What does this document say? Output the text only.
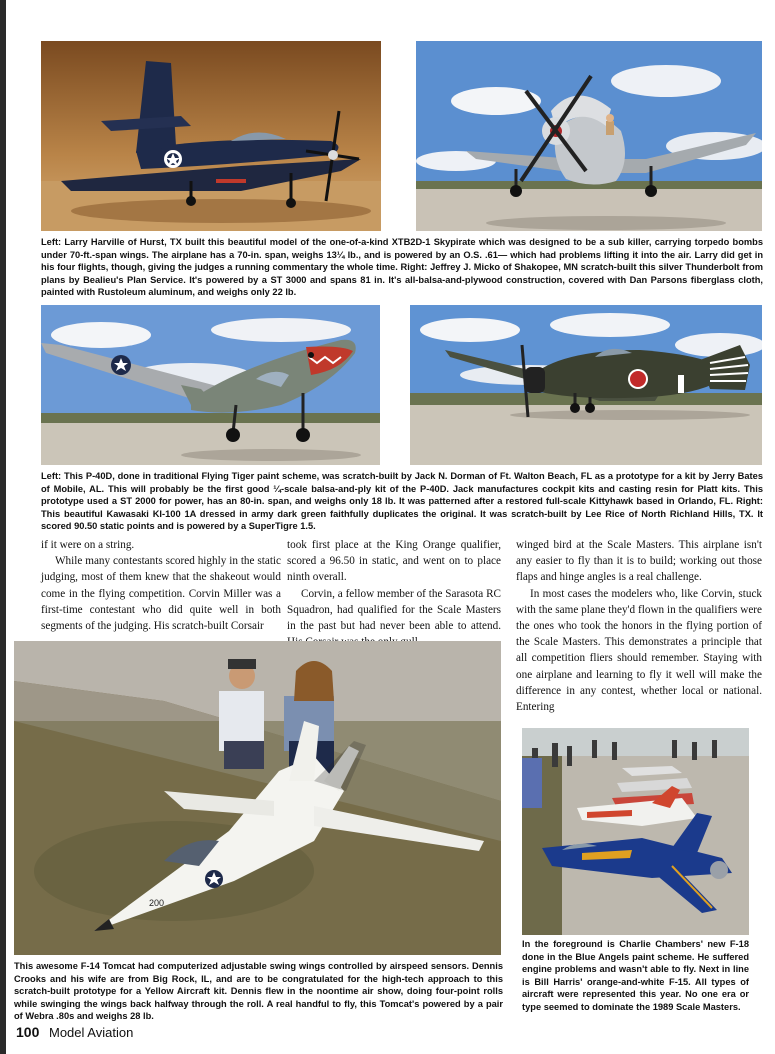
Left: Larry Harville of Hurst, TX built this beautiful model of the one-of-a-kind XTB2D-1 Skypirate which was designed to be a sub killer, carrying torpedo bombs under 70-ft.-span wings. The airplane has a 70-in. span, weighs 13¼ lb., and is powered by an O.S. .61— which had problems lifting it into the air. Larry did get in his four flights, though, giving the judges a running commentary the whole time. Right: Jeffrey J. Micko of Shakopee, MN scratch-built this silver Thunderbolt from plans by Bealieu's Plan Service. It's powered by a ST 3000 and spans 81 in. It's all-balsa-and-plywood construction, covered with Dan Parsons fiberglass cloth, painted with Rustoleum aluminum, and weighs only 22 lb.
Left: This P-40D, done in traditional Flying Tiger paint scheme, was scratch-built by Jack N. Dorman of Ft. Walton Beach, FL as a prototype for a kit by Jerry Bates of Mobile, AL. This will probably be the first good ¼-scale balsa-and-ply kit of the P-40D. Jack manufactures cockpit kits and casting resin for Platt kits. This prototype used a ST 2000 for power, has an 80-in. span, and weighs only 18 lb. It was patterned after a restored full-scale Kittyhawk based in Orlando, FL. Right: This beautiful Kawasaki KI-100 1A dressed in army dark green faithfully duplicates the original. It was scratch-built by Lee Rice of North Richland Hills, TX. It scored 90.50 static points and is powered by a SuperTigre 1.5.

if it were on a string.

While many contestants scored highly in the static judging, most of them knew that the shakeout would come in the flying competition. Corvin Miller was a first-time contestant who did quite well in both segments of the judging. His scratch-built Corsair

took first place at the King Orange qualifier, scored a 96.50 in static, and went on to place ninth overall.

Corvin, a fellow member of the Sarasota RC Squadron, had qualified for the Scale Masters in the past but had never been able to attend.

winged bird at the Scale Masters. This airplane isn't any easier to fly than it is to build; working out those flaps and hinge angles is a real challenge.

In most cases the modelers who, like Corvin, stuck with the same plane they'd flown in the qualifiers were the ones who took the honors in the flying portion of the Scale Masters. This demonstrates a principle that all competition fliers should remember. Staying with one airplane and learning to fly it well will make the difference in any contest, whether local or national. Entering

200
This awesome F-14 Tomcat had computerized adjustable swing wings controlled by airspeed sensors. Dennis Crooks and his wife are from Big Rock, IL, and are to be congratulated for the high-tech approach to this scratch-built prototype for a Yellow Aircraft kit. Dennis flew in the noontime air show, doing four-point rolls while swinging the wings back halfway through the roll. A real handful to fly, this Tomcat's powered by a pair of Webra .80s and weighs 28 lb.
In the foreground is Charlie Chambers' new F-18 done in the Blue Angels paint scheme. He suffered engine problems and wasn't able to fly. Next in line is Bill Harris' orange-and-white F-15. All types of aircraft were represented this year. No one era or type seemed to dominate the 1989 Scale Masters.
100 Model Aviation
